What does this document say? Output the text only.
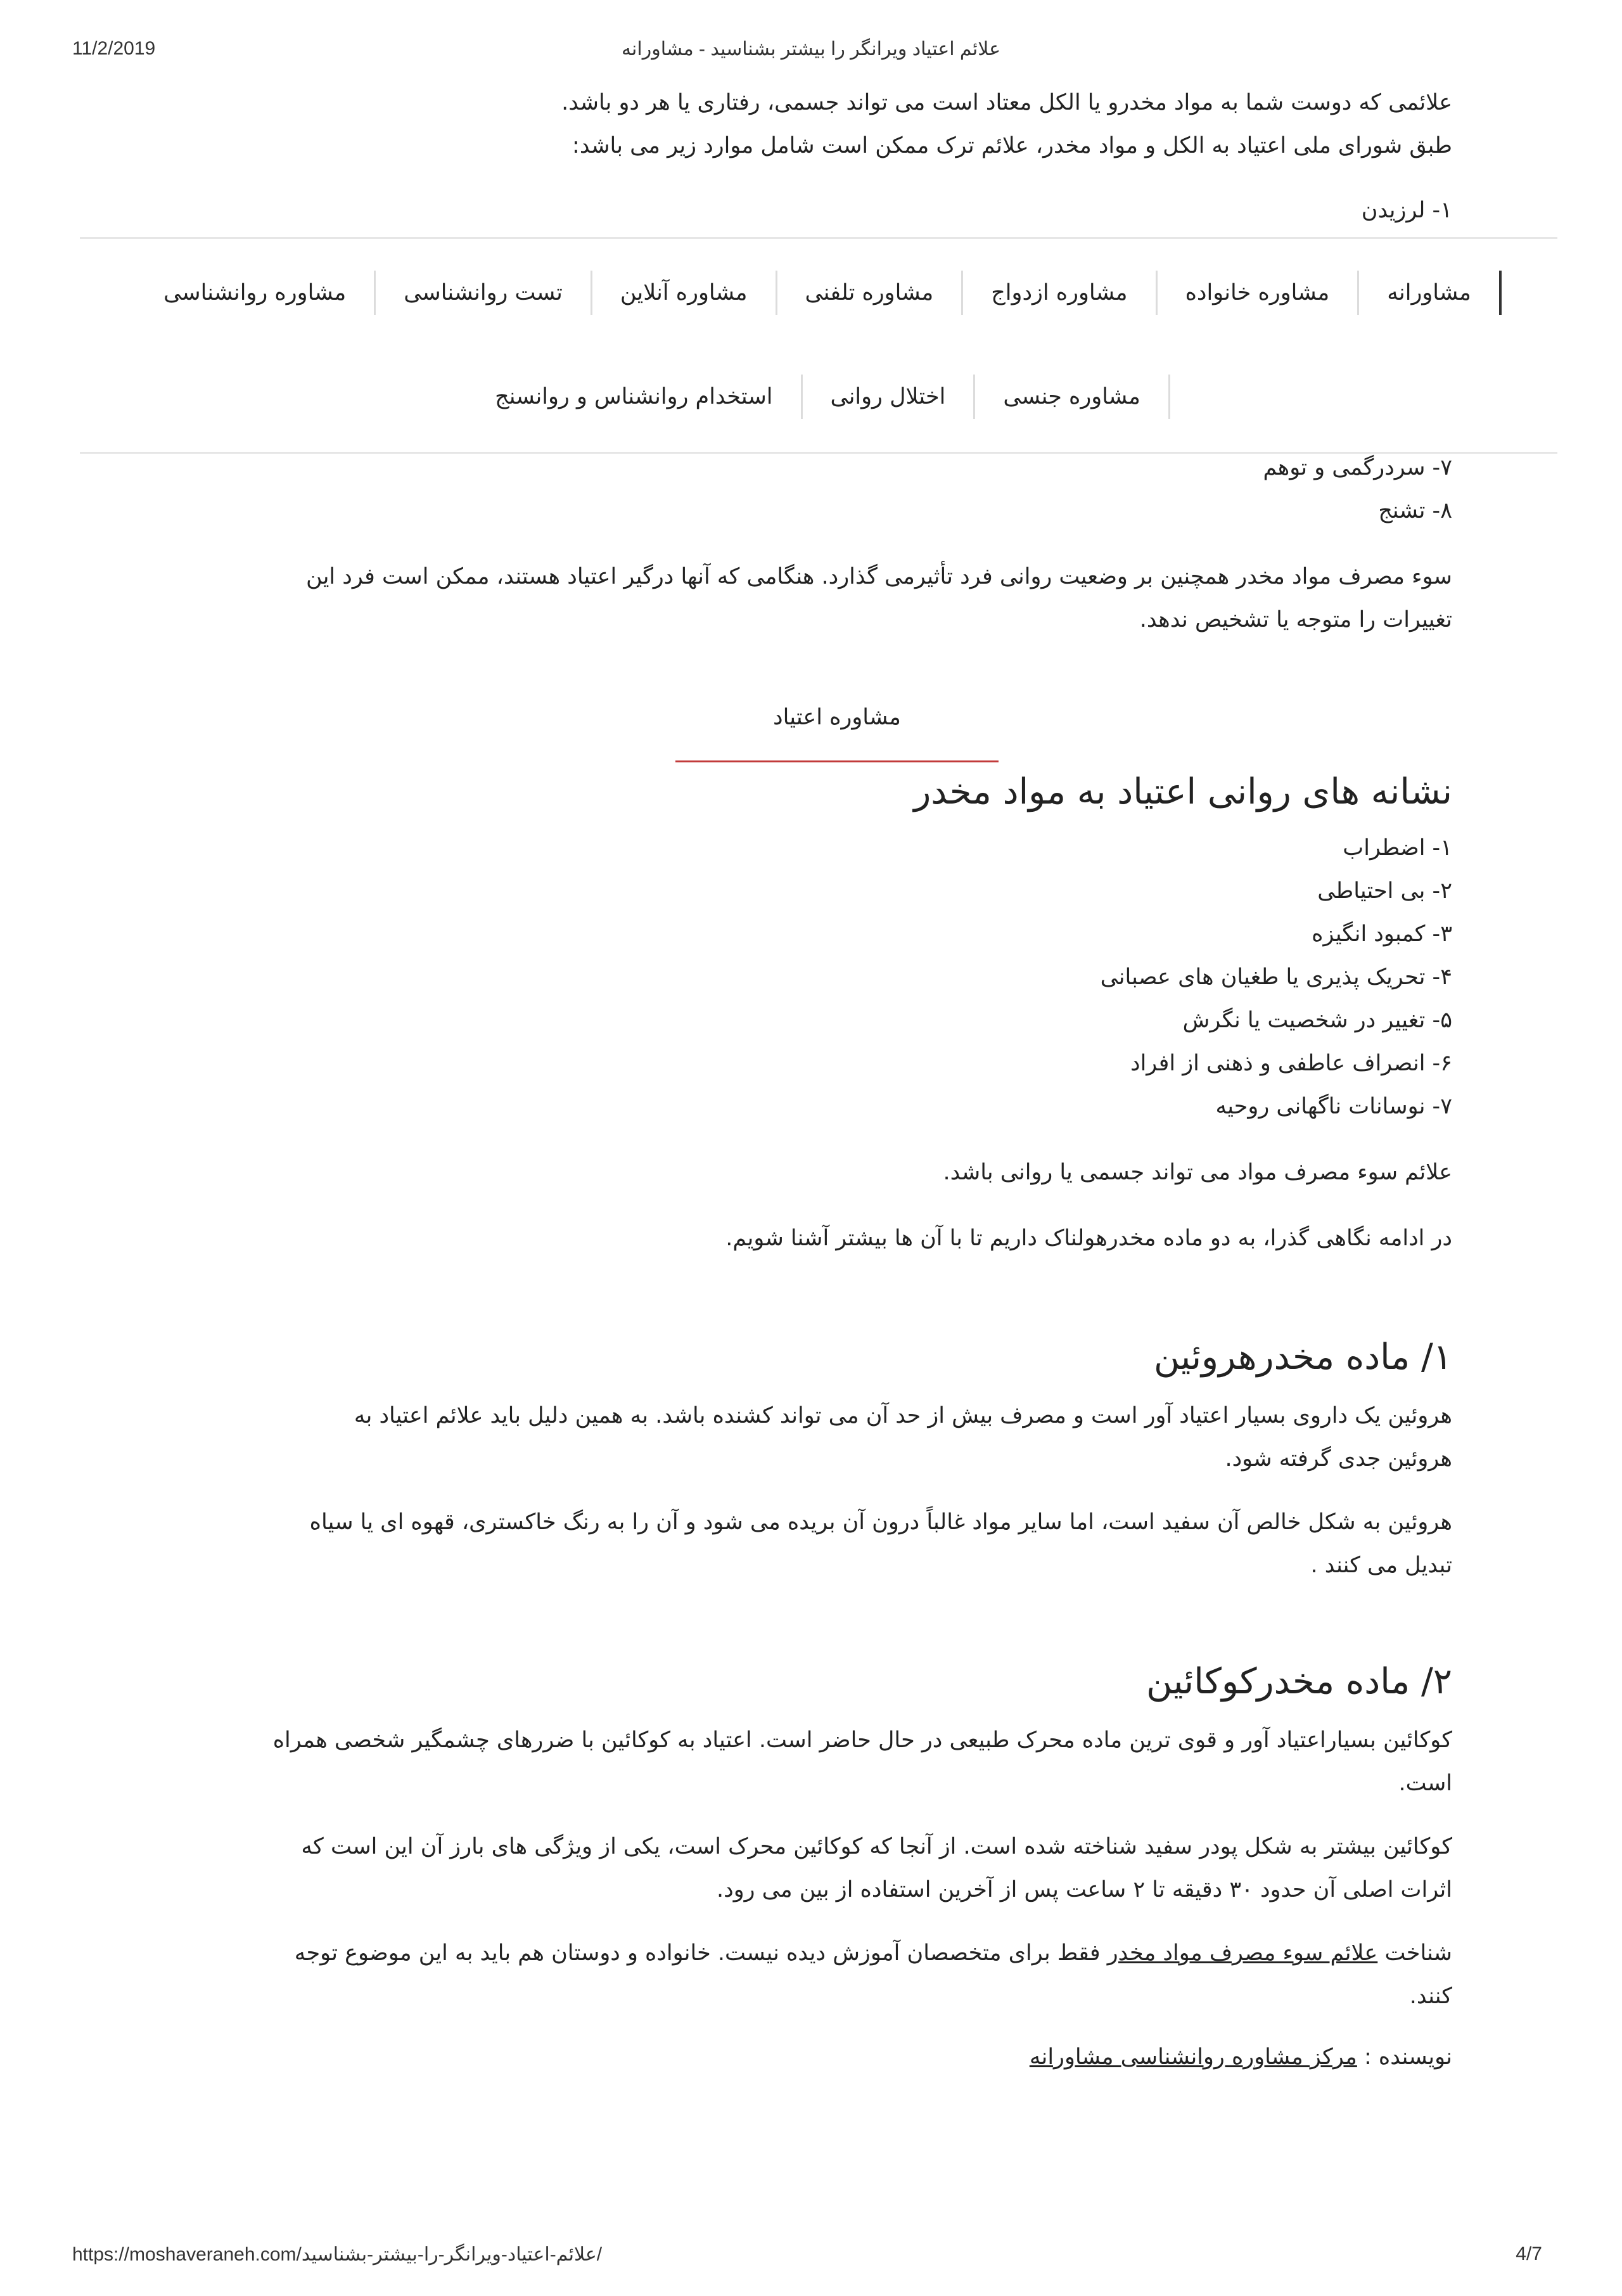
11/2/2019	علائم اعتیاد ویرانگر را بیشتر بشناسید - مشاورانه

علائمی که دوست شما به مواد مخدرو یا الکل معتاد است می تواند جسمی، رفتاری یا هر دو باشد.

طبق شورای ملی اعتیاد به الکل و مواد مخدر، علائم ترک ممکن است شامل موارد زیر می باشد:

۱- لرزیدن

مشاورانه
مشاوره خانواده
مشاوره ازدواج
مشاوره تلفنی
مشاوره آنلاین
تست روانشناسی
مشاوره روانشناسی
مشاوره جنسی
اختلال روانی
استخدام روانشناس و روانسنج

۷- سردرگمی و توهم

۸- تشنج

سوء مصرف مواد مخدر همچنین بر وضعیت روانی فرد تأثیرمی گذارد. هنگامی که آنها درگیر اعتیاد هستند، ممکن است فرد این

تغییرات را متوجه یا تشخیص ندهد.

مشاوره اعتیاد
نشانه های روانی اعتیاد به مواد مخدر

۱- اضطراب

۲- بی احتیاطی

۳- کمبود انگیزه

۴- تحریک پذیری یا طغیان های عصبانی

۵- تغییر در شخصیت یا نگرش

۶- انصراف عاطفی و ذهنی از افراد

۷- نوسانات ناگهانی روحیه

علائم سوء مصرف مواد می تواند جسمی یا روانی باشد.

در ادامه نگاهی گذرا، به دو ماده مخدرهولناک داریم تا با آن ها بیشتر آشنا شویم.

۱/ ماده مخدرهروئین

هروئین یک داروی بسیار اعتیاد آور است و مصرف بیش از حد آن می تواند کشنده باشد. به همین دلیل باید علائم اعتیاد به

هروئین جدی گرفته شود.

هروئین به شکل خالص آن سفید است، اما سایر مواد غالباً درون آن بریده می شود و آن را به رنگ خاکستری، قهوه ای یا سیاه

تبدیل می کنند .

۲/ ماده مخدرکوکائین

کوکائین بسیاراعتیاد آور و قوی ترین ماده محرک طبیعی در حال حاضر است. اعتیاد به کوکائین با ضررهای چشمگیر شخصی همراه

است.

کوکائین بیشتر به شکل پودر سفید شناخته شده است. از آنجا که کوکائین محرک است، یکی از ویژگی های بارز آن این است که

اثرات اصلی آن حدود ۳۰ دقیقه تا ۲ ساعت پس از آخرین استفاده از بین می رود.

شناخت علائم سوء مصرف مواد مخدر فقط برای متخصصان آموزش دیده نیست. خانواده و دوستان هم باید به این موضوع توجه

کنند.

نویسنده : مرکز مشاوره روانشناسی مشاورانه

https://moshaveraneh.com/علائم-اعتیاد-ویرانگر-را-بیشتر-بشناسید/	4/7
